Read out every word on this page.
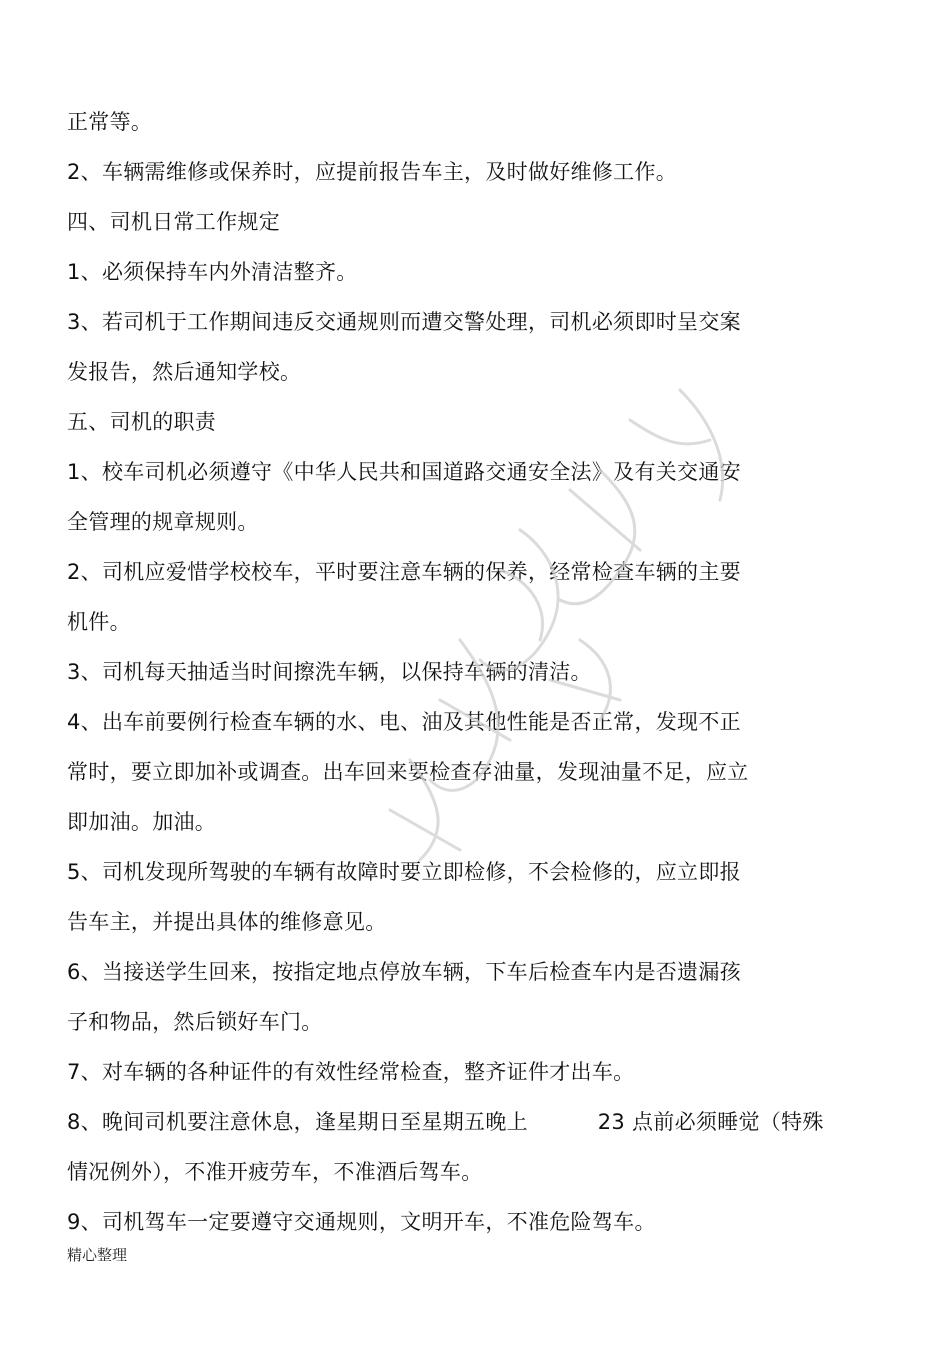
正常等。
2、车辆需维修或保养时，应提前报告车主，及时做好维修工作。
四、司机日常工作规定
1、必须保持车内外清洁整齐。
3、若司机于工作期间违反交通规则而遭交警处理，司机必须即时呈交案
发报告，然后通知学校。
五、司机的职责
1、校车司机必须遵守《中华人民共和国道路交通安全法》及有关交通安
全管理的规章规则。
2、司机应爱惜学校校车，平时要注意车辆的保养，经常检查车辆的主要
机件。
3、司机每天抽适当时间擦洗车辆，以保持车辆的清洁。
4、出车前要例行检查车辆的水、电、油及其他性能是否正常，发现不正
常时，要立即加补或调查。出车回来要检查存油量，发现油量不足，应立
即加油。加油。
5、司机发现所驾驶的车辆有故障时要立即检修，不会检修的，应立即报
告车主，并提出具体的维修意见。
6、当接送学生回来，按指定地点停放车辆，下车后检查车内是否遗漏孩
子和物品，然后锁好车门。
7、对车辆的各种证件的有效性经常检查，整齐证件才出车。
8、晚间司机要注意休息，逢星期日至星期五晚上          23 点前必须睡觉（特殊
情况例外），不准开疲劳车，不准酒后驾车。
9、司机驾车一定要遵守交通规则，文明开车，不准危险驾车。
精心整理
